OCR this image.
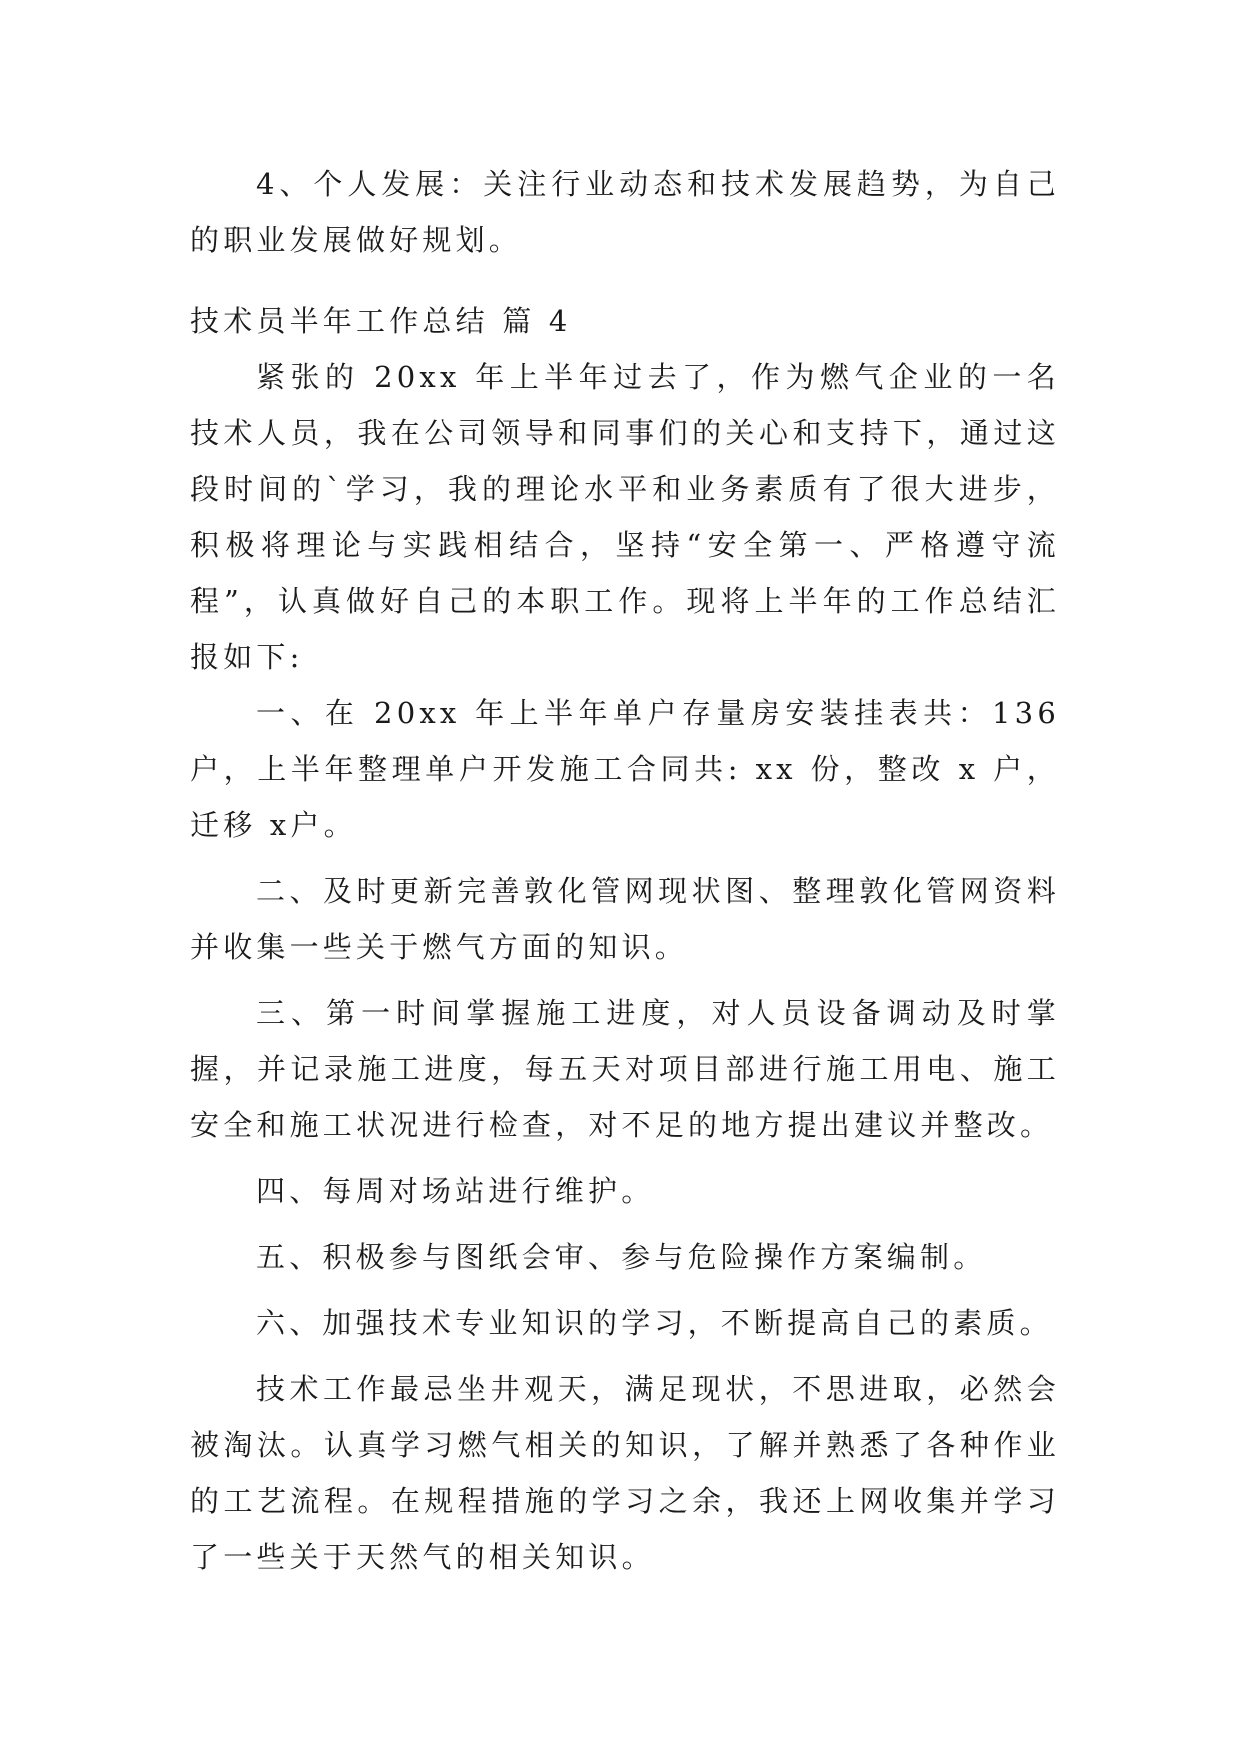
4、个人发展：关注行业动态和技术发展趋势，为自己的职业发展做好规划。

技术员半年工作总结 篇 4

紧张的 20xx 年上半年过去了，作为燃气企业的一名技术人员，我在公司领导和同事们的关心和支持下，通过这段时间的`学习，我的理论水平和业务素质有了很大进步，积极将理论与实践相结合，坚持“安全第一、严格遵守流程”，认真做好自己的本职工作。现将上半年的工作总结汇报如下:

一、在 20xx 年上半年单户存量房安装挂表共：136 户，上半年整理单户开发施工合同共: xx 份，整改 x 户，迁移 x户。

二、及时更新完善敦化管网现状图、整理敦化管网资料并收集一些关于燃气方面的知识。

三、第一时间掌握施工进度，对人员设备调动及时掌握，并记录施工进度，每五天对项目部进行施工用电、施工安全和施工状况进行检查，对不足的地方提出建议并整改。

四、每周对场站进行维护。

五、积极参与图纸会审、参与危险操作方案编制。

六、加强技术专业知识的学习，不断提高自己的素质。

技术工作最忌坐井观天，满足现状，不思进取，必然会被淘汰。认真学习燃气相关的知识，了解并熟悉了各种作业的工艺流程。在规程措施的学习之余，我还上网收集并学习了一些关于天然气的相关知识。
